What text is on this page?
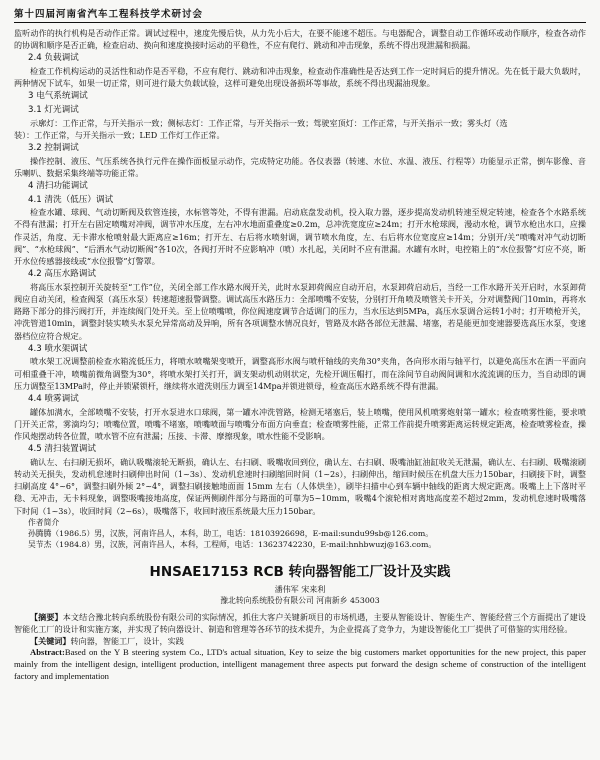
第十四届河南省汽车工程科技学术研讨会

监听动作的执行机构是否动作正常。调试过程中，速度先慢后快，从力先小后大，在要不能速不超压。与电器配合，调整自动工作循环或动作顺序，检查各动作的协调和顺序是否正确，检查启动、换向和速度换接时运动的平稳性，不应有爬行、跳动和冲击现象，系统不得出现泄漏和损漏。

2.4 负载调试

检查工作机构运动的灵活性和动作是否平稳，不应有爬行、跳动和冲击现象，检查动作准确性是否达到工作一定时间后的提升情况。先在低于最大负载时，两种情况下试车，如果一切正常，则可进行最大负载试验，这样可避免出现设备损坏等事故，系统不得出现漏油现象。

3 电气系统调试

3.1 灯光调试

示廓灯：工作正常，与开关指示一致；侧标志灯：工作正常，与开关指示一致；驾驶室顶灯：工作正常，与开关指示一致；雾头灯（选

装）：工作正常，与开关指示一致；LED 工作灯工作正常。

3.2 控制调试

操作控制、液压、气压系统各执行元件在操作面板显示动作，完成特定功能。各仪表器（转速、水位、水温、液压、行程等）功能显示正常，倒车影像、音乐喇叭、数据采集终端等功能正常。

4 清扫功能调试

4.1 清洗（低压）调试

检查水罐、球阀、气动切断阀及软管连接，水标管等处，不得有泄漏。启动底盘发动机，投入取力器，逐步提高发动机转速至规定转速，检查各个水路系统不得有泄漏；打开左右固定喷嘴对冲阀，调节冲水压度，左右冲水地面重叠度≥0.2m，总冲洗宽度应≥24m；打开水枪球阀，漫动水枪，调节水枪出水口，应操作灵活，角度、无卡滞水枪喷射最大距离应≥16m；打开左、右后将水喷射调，调节喷水角度，左、右后将水位宽度应≥14m；分别开/关“喷嘴对冲气动切断阀”、“水枪球阀”、“后洒水气动切断阀”各10次，各阀打开时不应影响冲（喷）水扎起，关闭时不应有泄漏。水罐有水时，电控箱上的“水位报警”灯应不亮，断开水位传感器接线或“水位报警”灯警罩。

4.2 高压水路调试

将高压水泵控制开关旋转至“工作”位，关闭全部工作水路水阀开关，此时水泵卸荷阀应自动开启，水泵卸荷启动后，当经一工作水路开关开启时，水泵卸荷阀应自动关闭，检查阀泵（高压水泵）转速超速报警调整。调试高压水路压力：全部喷嘴不安装，分别打开角喷及喷管关卡开关，分对调整阀门10min，再将水路路下部分的排污阀打开，并连续阀门处开关。至上位喷嘴喷，你位阀速度调节合适调门的压力，当水压达到5MPa，高压水泵调合运转1小时；打开喷枪开关，冲洗管道10min，调整封装实喷头水泵允异常高动及异响，所有各项调整水情况良好，管路及水路各部位无泄漏、堵塞，若是能更加变速器要选高压水泵，变速器档位应符合规定。

4.3 喷水架调试

喷水架工况调整前检查水箱流低压力，将喷水喷嘴架变喷开，调整高形水阀与喷杆轴线的夹角30°夹角，各向形水雨与轴平行，以避免高压水在洒一平面向可相重叠干冲，喷嘴前微角调整为30°，将喷水架打关打开，调支架动机动则状定，先检开调压帽打，而在涂间节自动阀间调和水流流调的压力，当自动即的调压力调整至13MPa时，停止并锁紧锁杆，继续将水道洗则压力调至14Mpa并锁进锁母，检查高压水路系统不得有泄漏。

4.4 喷雾调试

罐体加满水，全部喷嘴不安装，打开水泵进水口球阀，第一罐水冲洗管路，检测无堵塞后，装上喷嘴，使用风机喷雾炮射第一罐水；检查喷雾性能，要求喷门开关正常，雾滴均匀；喷嘴位置，喷嘴不堵塞，喷嘴喷面与喷嘴分布面方向垂直；检查喷雾性能，正常工作前提升喷雾距离运转规定距离，检查喷雾检查，操作风炮摆动转各位置，喷水管不应有泄漏；压接、卡滞、摩擦现象，喷水性能不受影响。

4.5 清扫装置调试

确认左、右扫刷无损坏，确认吸嘴滚轮无断损，确认左、右扫刷、吸嘴收回到位，确认左、右扫刷、吸嘴油缸油缸收关无泄漏，确认左、右扫刷、吸嘴滚刷转动关无损失，发动机怠速时扫刷伸出时间（1~3s）、发动机怠速时扫刷缩回时间（1~2s），扫刷伸出，缩回时候压在机盘大压力150bar，扫刷接下时，调整扫刷高度 4°~6°，调整扫刷外倾 2°~4°，调整扫刷接触地面面 15mm 左右（人体烘坐），刷毕扫描中心到车辆中轴线的距离大规定距离。吸嘴上上下落时平稳、无冲击，无卡料现象，调整吸嘴接地高度，保证两侧刷件部分与路面的可靠为5~10mm，吸嘴4个滚轮相对离地高度差不超过2mm，发动机怠速时吸嘴落下时间（1~3s），收回时间（2~6s），吸嘴落下，收回时液压系统最大压力150bar。

作者简介

孙腾腾（1986.5）男，汉族，河南许昌人，本科，助工，电话：18103926698，E-mail:sundu99sb@126.com。

吴节杰（1984.8）男，汉族，河南许昌人，本科，工程师，电话：13623742230，E-mail:hnhbwuzj@163.com。

HNSAE17153 RCB 转向器智能工厂设计及实践

潘伟军 宋来利

豫北转向系统股份有限公司 河南新乡 453003

【摘要】本文结合豫北转向系统股份有限公司的实际情况，抓住大客户关键新项目的市场机遇，主要从智能设计、智能生产、智能经营三个方面提出了建设智能化工厂的设计和实施方案，并实现了转向器设计、制造和管理等各环节的技术提升，为企业提高了竞争力，为建设智能化工厂提供了可借鉴的实用经验。

【关键词】转向器，智能工厂，设计，实践

Abstract:Based on the Y B steering system Co., LTD's actual situation, Key to seize the big customers market opportunities for the new project, this paper mainly from the intelligent design, intelligent production, intelligent management three aspects put forward the design scheme of construction of the intelligent factory and implementation
